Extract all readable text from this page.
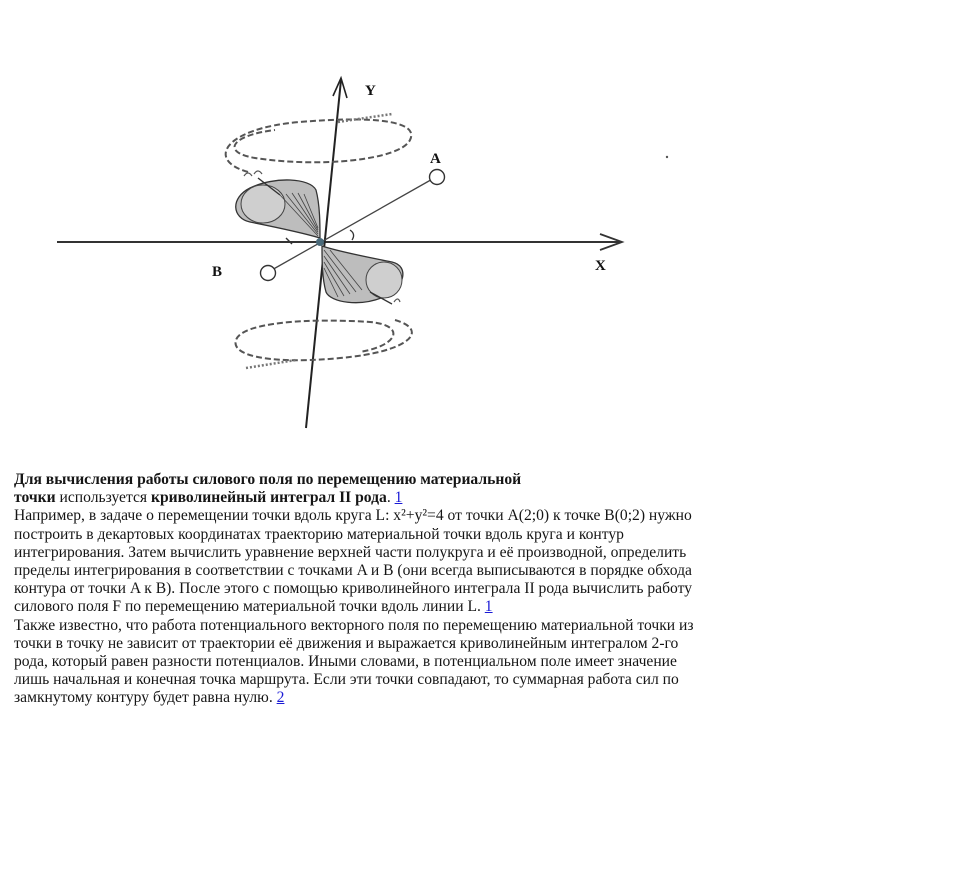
Y
X
A
B
Для вычисления работы силового поля по перемещению материальной
точки используется криволинейный интеграл II рода. 1
Например, в задаче о перемещении точки вдоль круга L: x²+y²=4 от точки A(2;0) к точке B(0;2) нужно
построить в декартовых координатах траекторию материальной точки вдоль круга и контур
интегрирования. Затем вычислить уравнение верхней части полукруга и её производной, определить
пределы интегрирования в соответствии с точками A и B (они всегда выписываются в порядке обхода
контура от точки A к B). После этого с помощью криволинейного интеграла II рода вычислить работу
силового поля F по перемещению материальной точки вдоль линии L. 1
Также известно, что работа потенциального векторного поля по перемещению материальной точки из
точки в точку не зависит от траектории её движения и выражается криволинейным интегралом 2-го
рода, который равен разности потенциалов. Иными словами, в потенциальном поле имеет значение
лишь начальная и конечная точка маршрута. Если эти точки совпадают, то суммарная работа сил по
замкнутому контуру будет равна нулю. 2
